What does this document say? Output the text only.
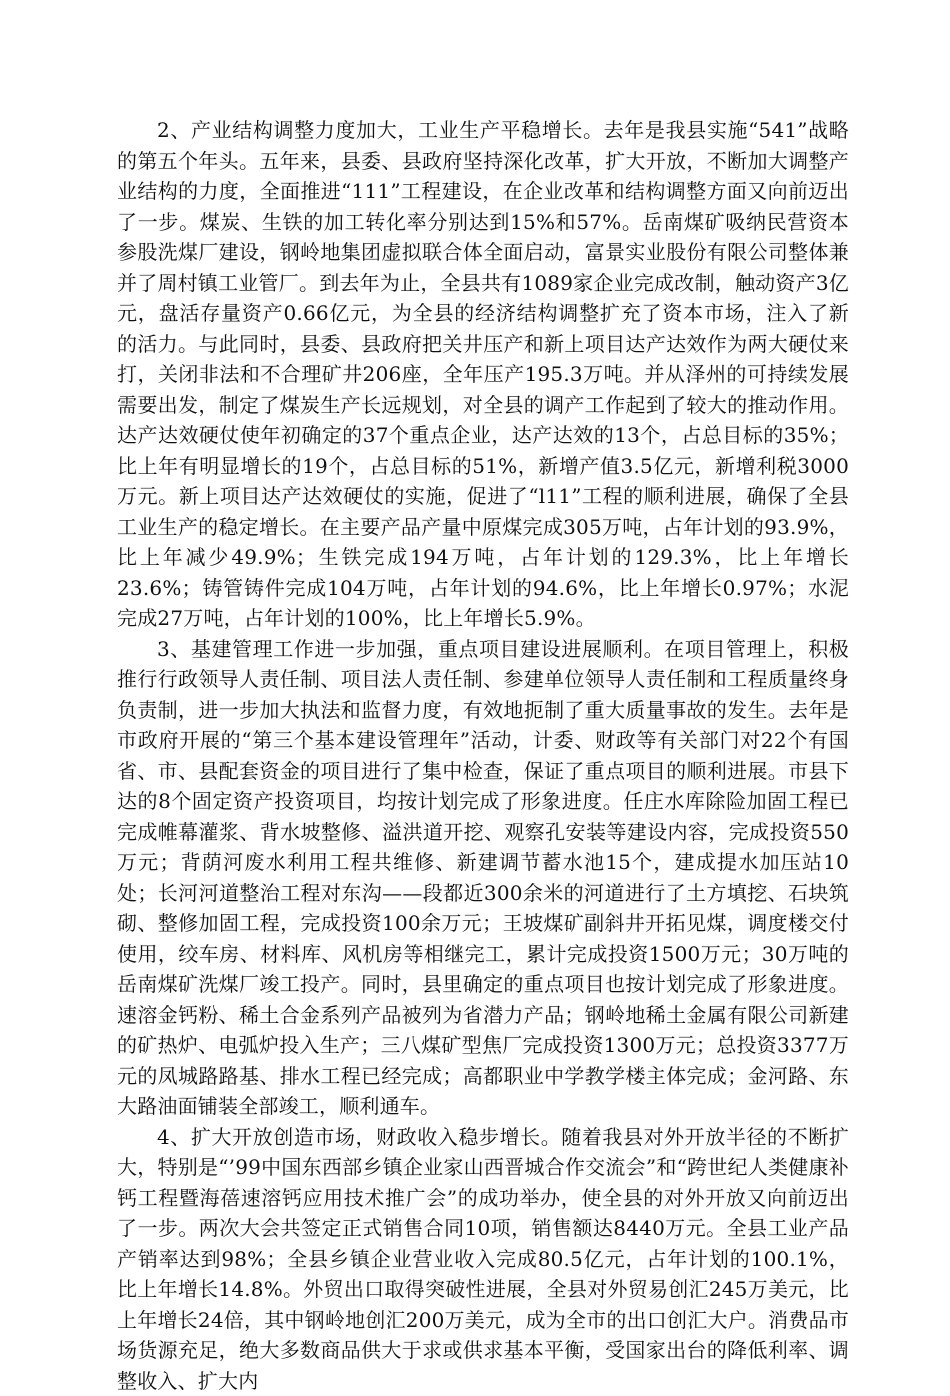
2、产业结构调整力度加大，工业生产平稳增长。去年是我县实施“541”战略的第五个年头。五年来，县委、县政府坚持深化改革，扩大开放，不断加大调整产业结构的力度，全面推进“111”工程建设，在企业改革和结构调整方面又向前迈出了一步。煤炭、生铁的加工转化率分别达到15%和57%。岳南煤矿吸纳民营资本参股洗煤厂建设，钢岭地集团虚拟联合体全面启动，富景实业股份有限公司整体兼并了周村镇工业管厂。到去年为止，全县共有1089家企业完成改制，触动资产3亿元，盘活存量资产0.66亿元，为全县的经济结构调整扩充了资本市场，注入了新的活力。与此同时，县委、县政府把关井压产和新上项目达产达效作为两大硬仗来打，关闭非法和不合理矿井206座，全年压产195.3万吨。并从泽州的可持续发展需要出发，制定了煤炭生产长远规划，对全县的调产工作起到了较大的推动作用。达产达效硬仗使年初确定的37个重点企业，达产达效的13个，占总目标的35%；比上年有明显增长的19个，占总目标的51%，新增产值3.5亿元，新增利税3000万元。新上项目达产达效硬仗的实施，促进了“l11”工程的顺利进展，确保了全县工业生产的稳定增长。在主要产品产量中原煤完成305万吨，占年计划的93.9%，比上年减少49.9%；生铁完成194万吨，占年计划的129.3%，比上年增长23.6%；铸管铸件完成104万吨，占年计划的94.6%，比上年增长0.97%；水泥完成27万吨，占年计划的100%，比上年增长5.9%。

3、基建管理工作进一步加强，重点项目建设进展顺利。在项目管理上，积极推行行政领导人责任制、项目法人责任制、参建单位领导人责任制和工程质量终身负责制，进一步加大执法和监督力度，有效地扼制了重大质量事故的发生。去年是市政府开展的“第三个基本建设管理年”活动，计委、财政等有关部门对22个有国省、市、县配套资金的项目进行了集中检查，保证了重点项目的顺利进展。市县下达的8个固定资产投资项目，均按计划完成了形象进度。任庄水库除险加固工程已完成帷幕灌浆、背水坡整修、溢洪道开挖、观察孔安装等建设内容，完成投资550万元；背荫河废水利用工程共维修、新建调节蓄水池15个，建成提水加压站10处；长河河道整治工程对东沟——段都近300余米的河道进行了土方填挖、石块筑砌、整修加固工程，完成投资100余万元；王坡煤矿副斜井开拓见煤，调度楼交付使用，绞车房、材料库、风机房等相继完工，累计完成投资1500万元；30万吨的岳南煤矿洗煤厂竣工投产。同时，县里确定的重点项目也按计划完成了形象进度。速溶金钙粉、稀土合金系列产品被列为省潜力产品；钢岭地稀土金属有限公司新建的矿热炉、电弧炉投入生产；三八煤矿型焦厂完成投资1300万元；总投资3377万元的凤城路路基、排水工程已经完成；高都职业中学教学楼主体完成；金河路、东大路油面铺装全部竣工，顺利通车。

4、扩大开放创造市场，财政收入稳步增长。随着我县对外开放半径的不断扩大，特别是“’99中国东西部乡镇企业家山西晋城合作交流会”和“跨世纪人类健康补钙工程暨海蓓速溶钙应用技术推广会”的成功举办，使全县的对外开放又向前迈出了一步。两次大会共签定正式销售合同10项，销售额达8440万元。全县工业产品产销率达到98%；全县乡镇企业营业收入完成80.5亿元，占年计划的100.1%，比上年增长14.8%。外贸出口取得突破性进展，全县对外贸易创汇245万美元，比上年增长24倍，其中钢岭地创汇200万美元，成为全市的出口创汇大户。消费品市场货源充足，绝大多数商品供大于求或供求基本平衡，受国家出台的降低利率、调整收入、扩大内
